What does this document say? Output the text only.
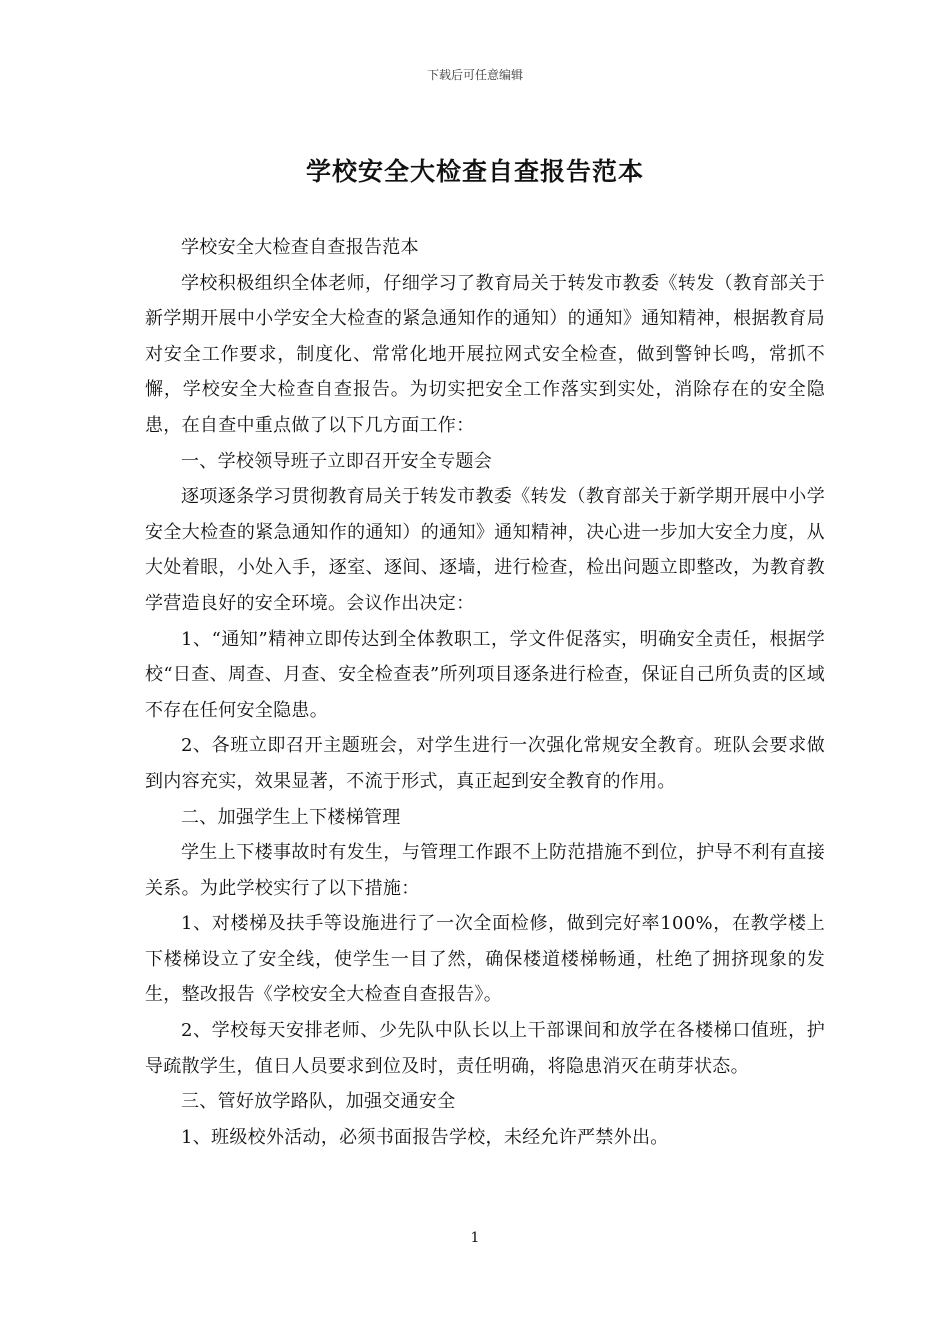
下载后可任意编辑
学校安全大检查自查报告范本

学校安全大检查自查报告范本

学校积极组织全体老师，仔细学习了教育局关于转发市教委《转发（教育部关于新学期开展中小学安全大检查的紧急通知作的通知）的通知》通知精神，根据教育局对安全工作要求，制度化、常常化地开展拉网式安全检查，做到警钟长鸣，常抓不懈，学校安全大检查自查报告。为切实把安全工作落实到实处，消除存在的安全隐患，在自查中重点做了以下几方面工作：

一、学校领导班子立即召开安全专题会

逐项逐条学习贯彻教育局关于转发市教委《转发（教育部关于新学期开展中小学安全大检查的紧急通知作的通知）的通知》通知精神，决心进一步加大安全力度，从大处着眼，小处入手，逐室、逐间、逐墙，进行检查，检出问题立即整改，为教育教学营造良好的安全环境。会议作出决定：

1、“通知”精神立即传达到全体教职工，学文件促落实，明确安全责任，根据学校“日查、周查、月查、安全检查表”所列项目逐条进行检查，保证自己所负责的区域不存在任何安全隐患。

2、各班立即召开主题班会，对学生进行一次强化常规安全教育。班队会要求做到内容充实，效果显著，不流于形式，真正起到安全教育的作用。

二、加强学生上下楼梯管理

学生上下楼事故时有发生，与管理工作跟不上防范措施不到位，护导不利有直接关系。为此学校实行了以下措施：

1、对楼梯及扶手等设施进行了一次全面检修，做到完好率100%，在教学楼上下楼梯设立了安全线，使学生一目了然，确保楼道楼梯畅通，杜绝了拥挤现象的发生，整改报告《学校安全大检查自查报告》。

2、学校每天安排老师、少先队中队长以上干部课间和放学在各楼梯口值班，护导疏散学生，值日人员要求到位及时，责任明确，将隐患消灭在萌芽状态。

三、管好放学路队，加强交通安全

1、班级校外活动，必须书面报告学校，未经允许严禁外出。

1
